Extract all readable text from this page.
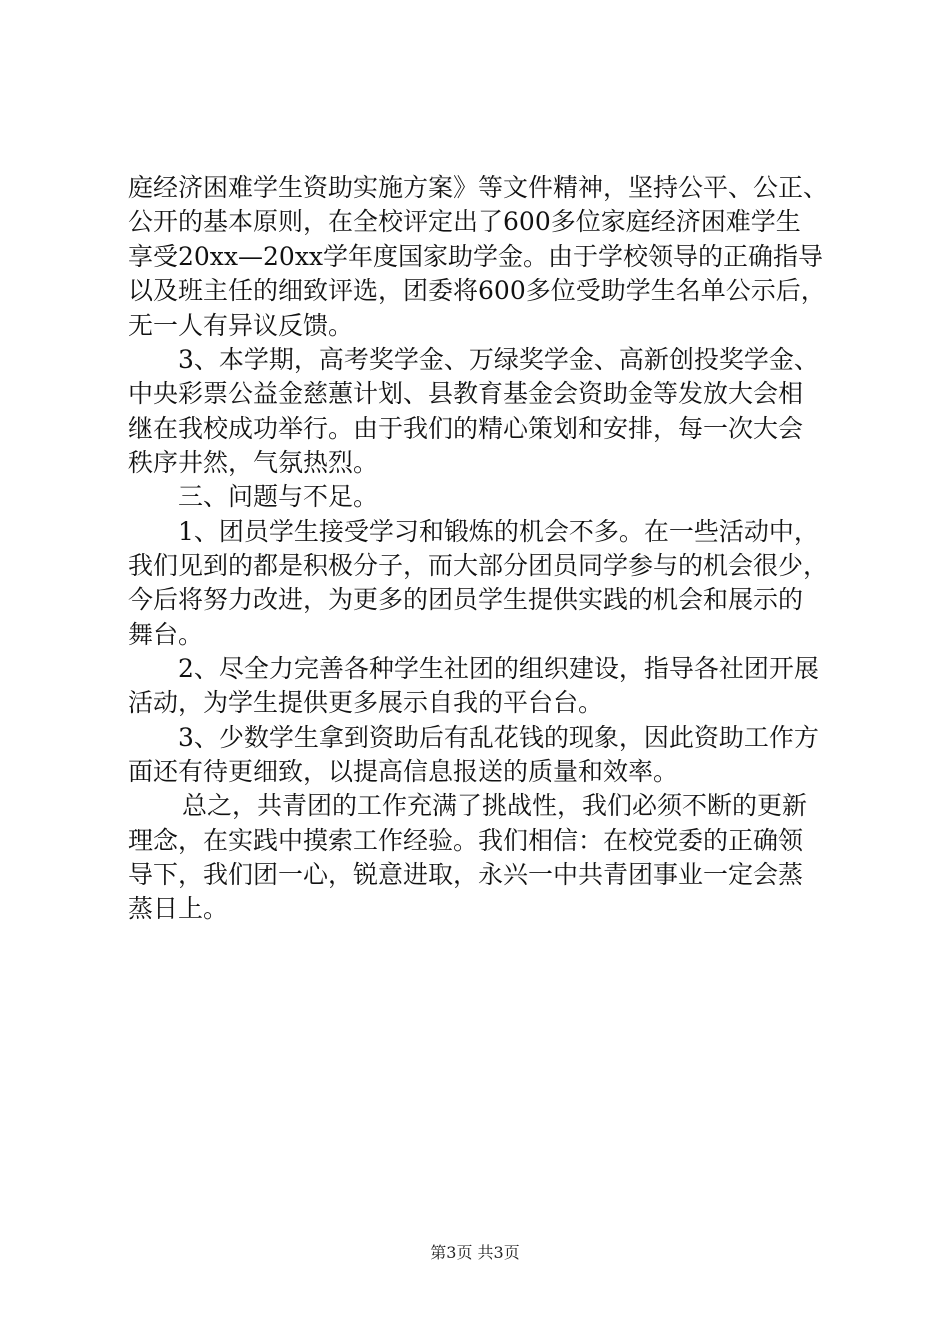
庭经济困难学生资助实施方案》等文件精神，坚持公平、公正、
公开的基本原则，在全校评定出了600多位家庭经济困难学生
享受20xx—20xx学年度国家助学金。由于学校领导的正确指导
以及班主任的细致评选，团委将600多位受助学生名单公示后，
无一人有异议反馈。
3、本学期，高考奖学金、万绿奖学金、高新创投奖学金、
中央彩票公益金慈蕙计划、县教育基金会资助金等发放大会相
继在我校成功举行。由于我们的精心策划和安排，每一次大会
秩序井然，气氛热烈。
三、问题与不足。
1、团员学生接受学习和锻炼的机会不多。在一些活动中，
我们见到的都是积极分子，而大部分团员同学参与的机会很少，
今后将努力改进，为更多的团员学生提供实践的机会和展示的
舞台。
2、尽全力完善各种学生社团的组织建设，指导各社团开展
活动，为学生提供更多展示自我的平台台。
3、少数学生拿到资助后有乱花钱的现象，因此资助工作方
面还有待更细致，以提高信息报送的质量和效率。
总之，共青团的工作充满了挑战性，我们必须不断的更新
理念，在实践中摸索工作经验。我们相信：在校党委的正确领
导下，我们团一心，锐意进取，永兴一中共青团事业一定会蒸
蒸日上。
第3页 共3页
